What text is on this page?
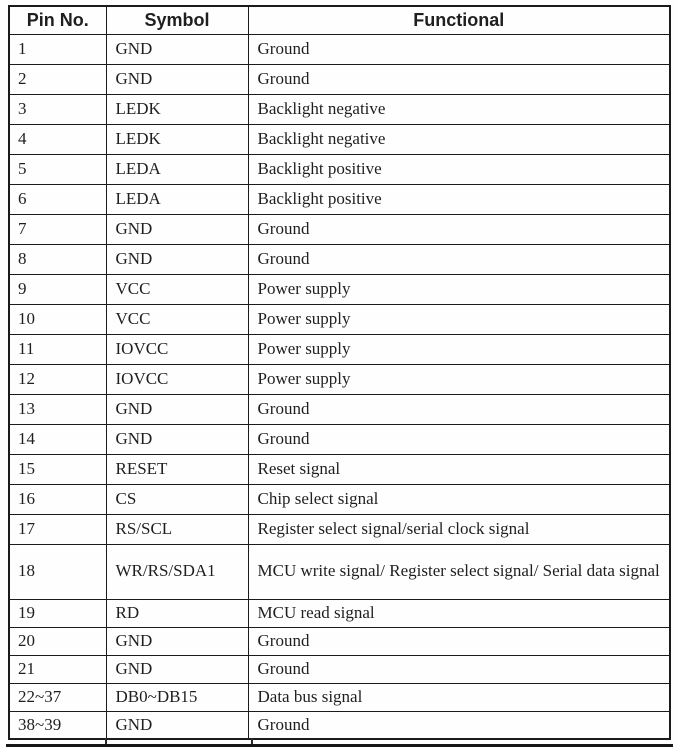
Pin No.	Symbol	Functional
1	GND	Ground
2	GND	Ground
3	LEDK	Backlight negative
4	LEDK	Backlight negative
5	LEDA	Backlight positive
6	LEDA	Backlight positive
7	GND	Ground
8	GND	Ground
9	VCC	Power supply
10	VCC	Power supply
11	IOVCC	Power supply
12	IOVCC	Power supply
13	GND	Ground
14	GND	Ground
15	RESET	Reset signal
16	CS	Chip select signal
17	RS/SCL	Register select signal/serial clock signal
18	WR/RS/SDA1	MCU write signal/ Register select signal/ Serial data signal
19	RD	MCU read signal
20	GND	Ground
21	GND	Ground
22~37	DB0~DB15	Data bus signal
38~39	GND	Ground
